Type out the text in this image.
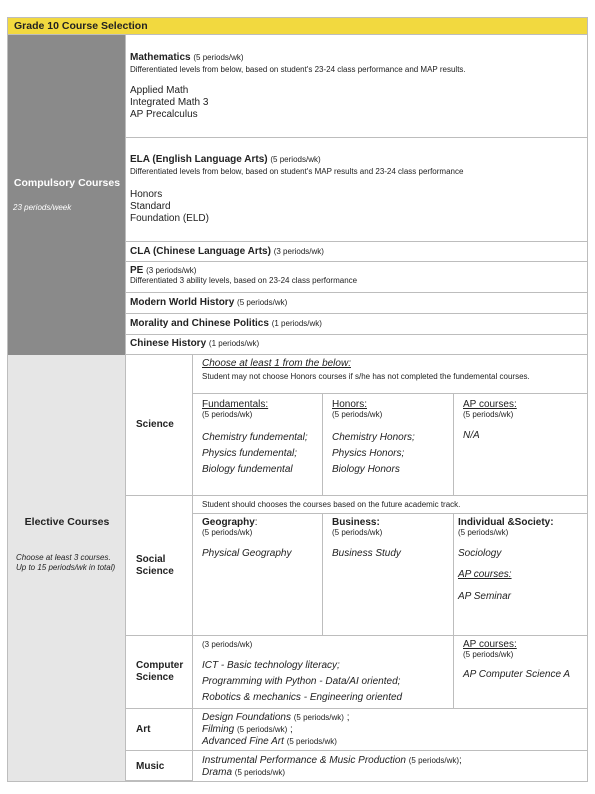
Grade 10 Course Selection
Compulsory Courses
23 periods/week
Mathematics (5 periods/wk)
Differentiated levels from below, based on student's 23-24 class performance and MAP results.
Applied Math
Integrated Math 3
AP Precalculus
ELA (English Language Arts) (5 periods/wk)
Differentiated levels from below, based on student's MAP results and 23-24 class performance
Honors
Standard
Foundation (ELD)
CLA (Chinese Language Arts) (3 periods/wk)
PE (3 periods/wk)
Differentiated 3 ability levels, based on 23-24 class performance
Modern World History (5 periods/wk)
Morality and Chinese Politics (1 periods/wk)
Chinese History (1 periods/wk)
Elective Courses
Choose at least 3 courses.
Up to 15 periods/wk in total)
Science
Choose at least 1 from the below:
Student may not choose Honors courses if s/he has not completed the fundemental courses.
Fundamentals:
(5 periods/wk)
Chemistry fundemental;
Physics fundemental;
Biology fundemental
Honors:
(5 periods/wk)
Chemistry Honors;
Physics Honors;
Biology Honors
AP courses:
(5 periods/wk)
N/A
Social Science
Student should chooses the courses based on the future academic track.
Geography:
(5 periods/wk)
Physical Geography
Business:
(5 periods/wk)
Business Study
Individual &Society:
(5 periods/wk)
Sociology
AP courses:
AP Seminar
Computer Science
(3 periods/wk)
ICT - Basic technology literacy;
Programming with Python - Data/AI oriented;
Robotics & mechanics - Engineering oriented
AP courses:
(5 periods/wk)
AP Computer Science A
Art
Design Foundations (5 periods/wk) ;
Filming (5 periods/wk) ;
Advanced Fine Art (5 periods/wk)
Music
Instrumental Performance & Music Production (5 periods/wk);
Drama (5 periods/wk)
